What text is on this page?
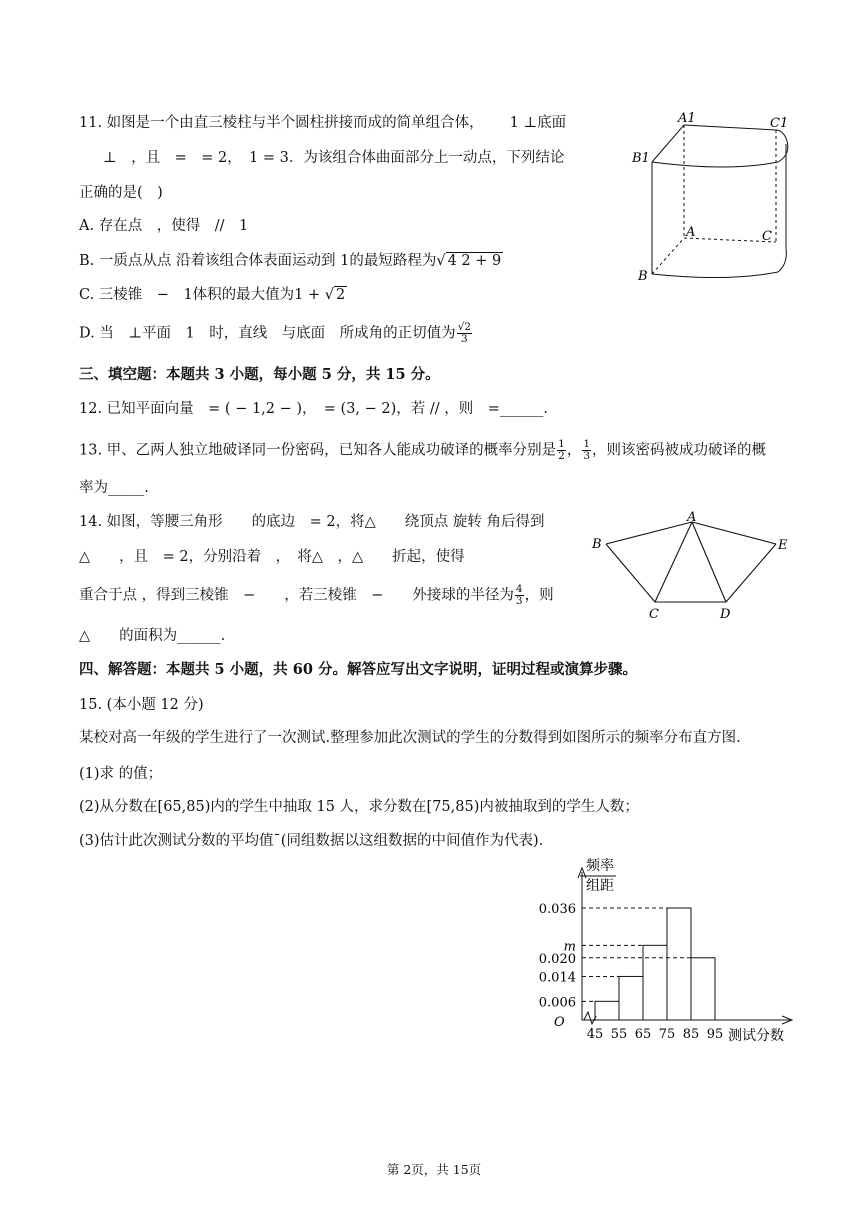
11. 如图是一个由直三棱柱与半个圆柱拼接而成的简单组合体， 1 ⊥底面
⊥　，且　=　= 2，　1 = 3．为该组合体曲面部分上一动点，下列结论
正确的是(　)
A. 存在点　，使得　//　1
B. 一质点从点 沿着该组合体表面运动到 1的最短路程为√ 4 2 + 9
C. 三棱锥　−　1体积的最大值为1 + √ 2
D. 当　⊥平面　1　时，直线　与底面　所成角的正切值为 $\frac{√2}{3}$
A1	C1
B1
A	C
B
三、填空题：本题共 3 小题，每小题 5 分，共 15 分。
12. 已知平面向量　= ( − 1,2 − )，　= (3, − 2)，若 // ，则　=______.
13. 甲、乙两人独立地破译同一份密码，已知各人能成功破译的概率分别是 $\frac{1}{2}$ ， $\frac{1}{3}$ ，则该密码被成功破译的概
率为_____.
14. 如图，等腰三角形　　的底边　= 2，将△　　绕顶点 旋转 角后得到
△　　，且　= 2，分别沿着　，　将△　，△　　折起，使得
重合于点 ，得到三棱锥　−　　，若三棱锥　−　　外接球的半径为 $\frac{4}{3}$ ，则
△　　的面积为______.
A
B	E
C	D
四、解答题：本题共 5 小题，共 60 分。解答应写出文字说明，证明过程或演算步骤。
15. (本小题 12 分)
某校对高一年级的学生进行了一次测试.整理参加此次测试的学生的分数得到如图所示的频率分布直方图.
(1)求 的值；
(2)从分数在[65,85)内的学生中抽取 15 人，求分数在[75,85)内被抽取到的学生人数；
(3)估计此次测试分数的平均值¯(同组数据以这组数据的中间值作为代表).
频率
组距
O
测试分数
0.036
m
0.020
0.014
0.006
45 55 65 75 85 95
第 2页，共 15页
